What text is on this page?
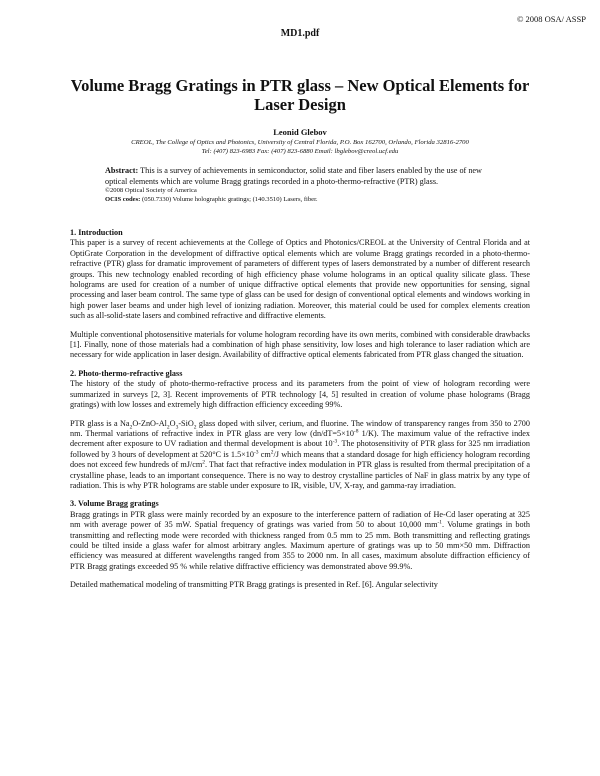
© 2008 OSA/ ASSP
MD1.pdf
Volume Bragg Gratings in PTR glass – New Optical Elements for Laser Design
Leonid Glebov
CREOL, The College of Optics and Photonics, University of Central Florida, P.O. Box 162700, Orlando, Florida 32816-2700
Tel: (407) 823-6983 Fax: (407) 823-6880 Email: lbglebov@creol.ucf.edu

Abstract: This is a survey of achievements in semiconductor, solid state and fiber lasers enabled by the use of new optical elements which are volume Bragg gratings recorded in a photo-thermo-refractive (PTR) glass.

©2008 Optical Society of America

OCIS codes: (050.7330) Volume holographic gratings; (140.3510) Lasers, fiber.

1. Introduction

This paper is a survey of recent achievements at the College of Optics and Photonics/CREOL at the University of Central Florida and at OptiGrate Corporation in the development of diffractive optical elements which are volume Bragg gratings recorded in a photo-thermo-refractive (PTR) glass for dramatic improvement of parameters of different types of lasers demonstrated by a number of different research groups. This new technology enabled recording of high efficiency phase volume holograms in an optical quality silicate glass. These holograms are used for creation of a number of unique diffractive optical elements that provide new opportunities for sensing, signal processing and laser beam control. The same type of glass can be used for design of conventional optical elements and windows working in high power laser beams and under high level of ionizing radiation. Moreover, this material could be used for complex elements creation such as all-solid-state lasers and combined refractive and diffractive elements.

Multiple conventional photosensitive materials for volume hologram recording have its own merits, combined with considerable drawbacks [1]. Finally, none of those materials had a combination of high phase sensitivity, low loses and high tolerance to laser radiation which are necessary for wide application in laser design. Availability of diffractive optical elements fabricated from PTR glass changed the situation.

2. Photo-thermo-refractive glass

The history of the study of photo-thermo-refractive process and its parameters from the point of view of hologram recording were summarized in surveys [2, 3]. Recent improvements of PTR technology [4, 5] resulted in creation of volume phase holograms (Bragg gratings) with low losses and extremely high diffraction efficiency exceeding 99%.

PTR glass is a $Na_2O-ZnO-Al_2O_3-SiO_2$ glass doped with silver, cerium, and fluorine. The window of transparency ranges from 350 to 2700 nm. Thermal variations of refractive index in PTR glass are very low ($dn/dT=5\times 10^{-8}$ 1/K). The maximum value of the refractive index decrement after exposure to UV radiation and thermal development is about $10^{-3}$. The photosensitivity of PTR glass for 325 nm irradiation followed by 3 hours of development at 520°C is $1.5\times 10^{-3}$ $cm^2/J$ which means that a standard dosage for high efficiency hologram recording does not exceed few hundreds of $mJ/cm^2$. That fact that refractive index modulation in PTR glass is resulted from thermal precipitation of a crystalline phase, leads to an important consequence. There is no way to destroy crystalline particles of NaF in glass matrix by any type of radiation. This is why PTR holograms are stable under exposure to IR, visible, UV, X-ray, and gamma-ray irradiation.

3. Volume Bragg gratings

Bragg gratings in PTR glass were mainly recorded by an exposure to the interference pattern of radiation of He-Cd laser operating at 325 nm with average power of 35 mW. Spatial frequency of gratings was varied from 50 to about 10,000 $mm^{-1}$. Volume gratings in both transmitting and reflecting mode were recorded with thickness ranged from 0.5 mm to 25 mm. Both transmitting and reflecting gratings could be tilted inside a glass wafer for almost arbitrary angles. Maximum aperture of gratings was up to 50 mm×50 mm. Diffraction efficiency was measured at different wavelengths ranged from 355 to 2000 nm. In all cases, maximum absolute diffraction efficiency of PTR Bragg gratings exceeded 95 % while relative diffractive efficiency was demonstrated above 99.9%.

Detailed mathematical modeling of transmitting PTR Bragg gratings is presented in Ref. [6]. Angular selectivity
